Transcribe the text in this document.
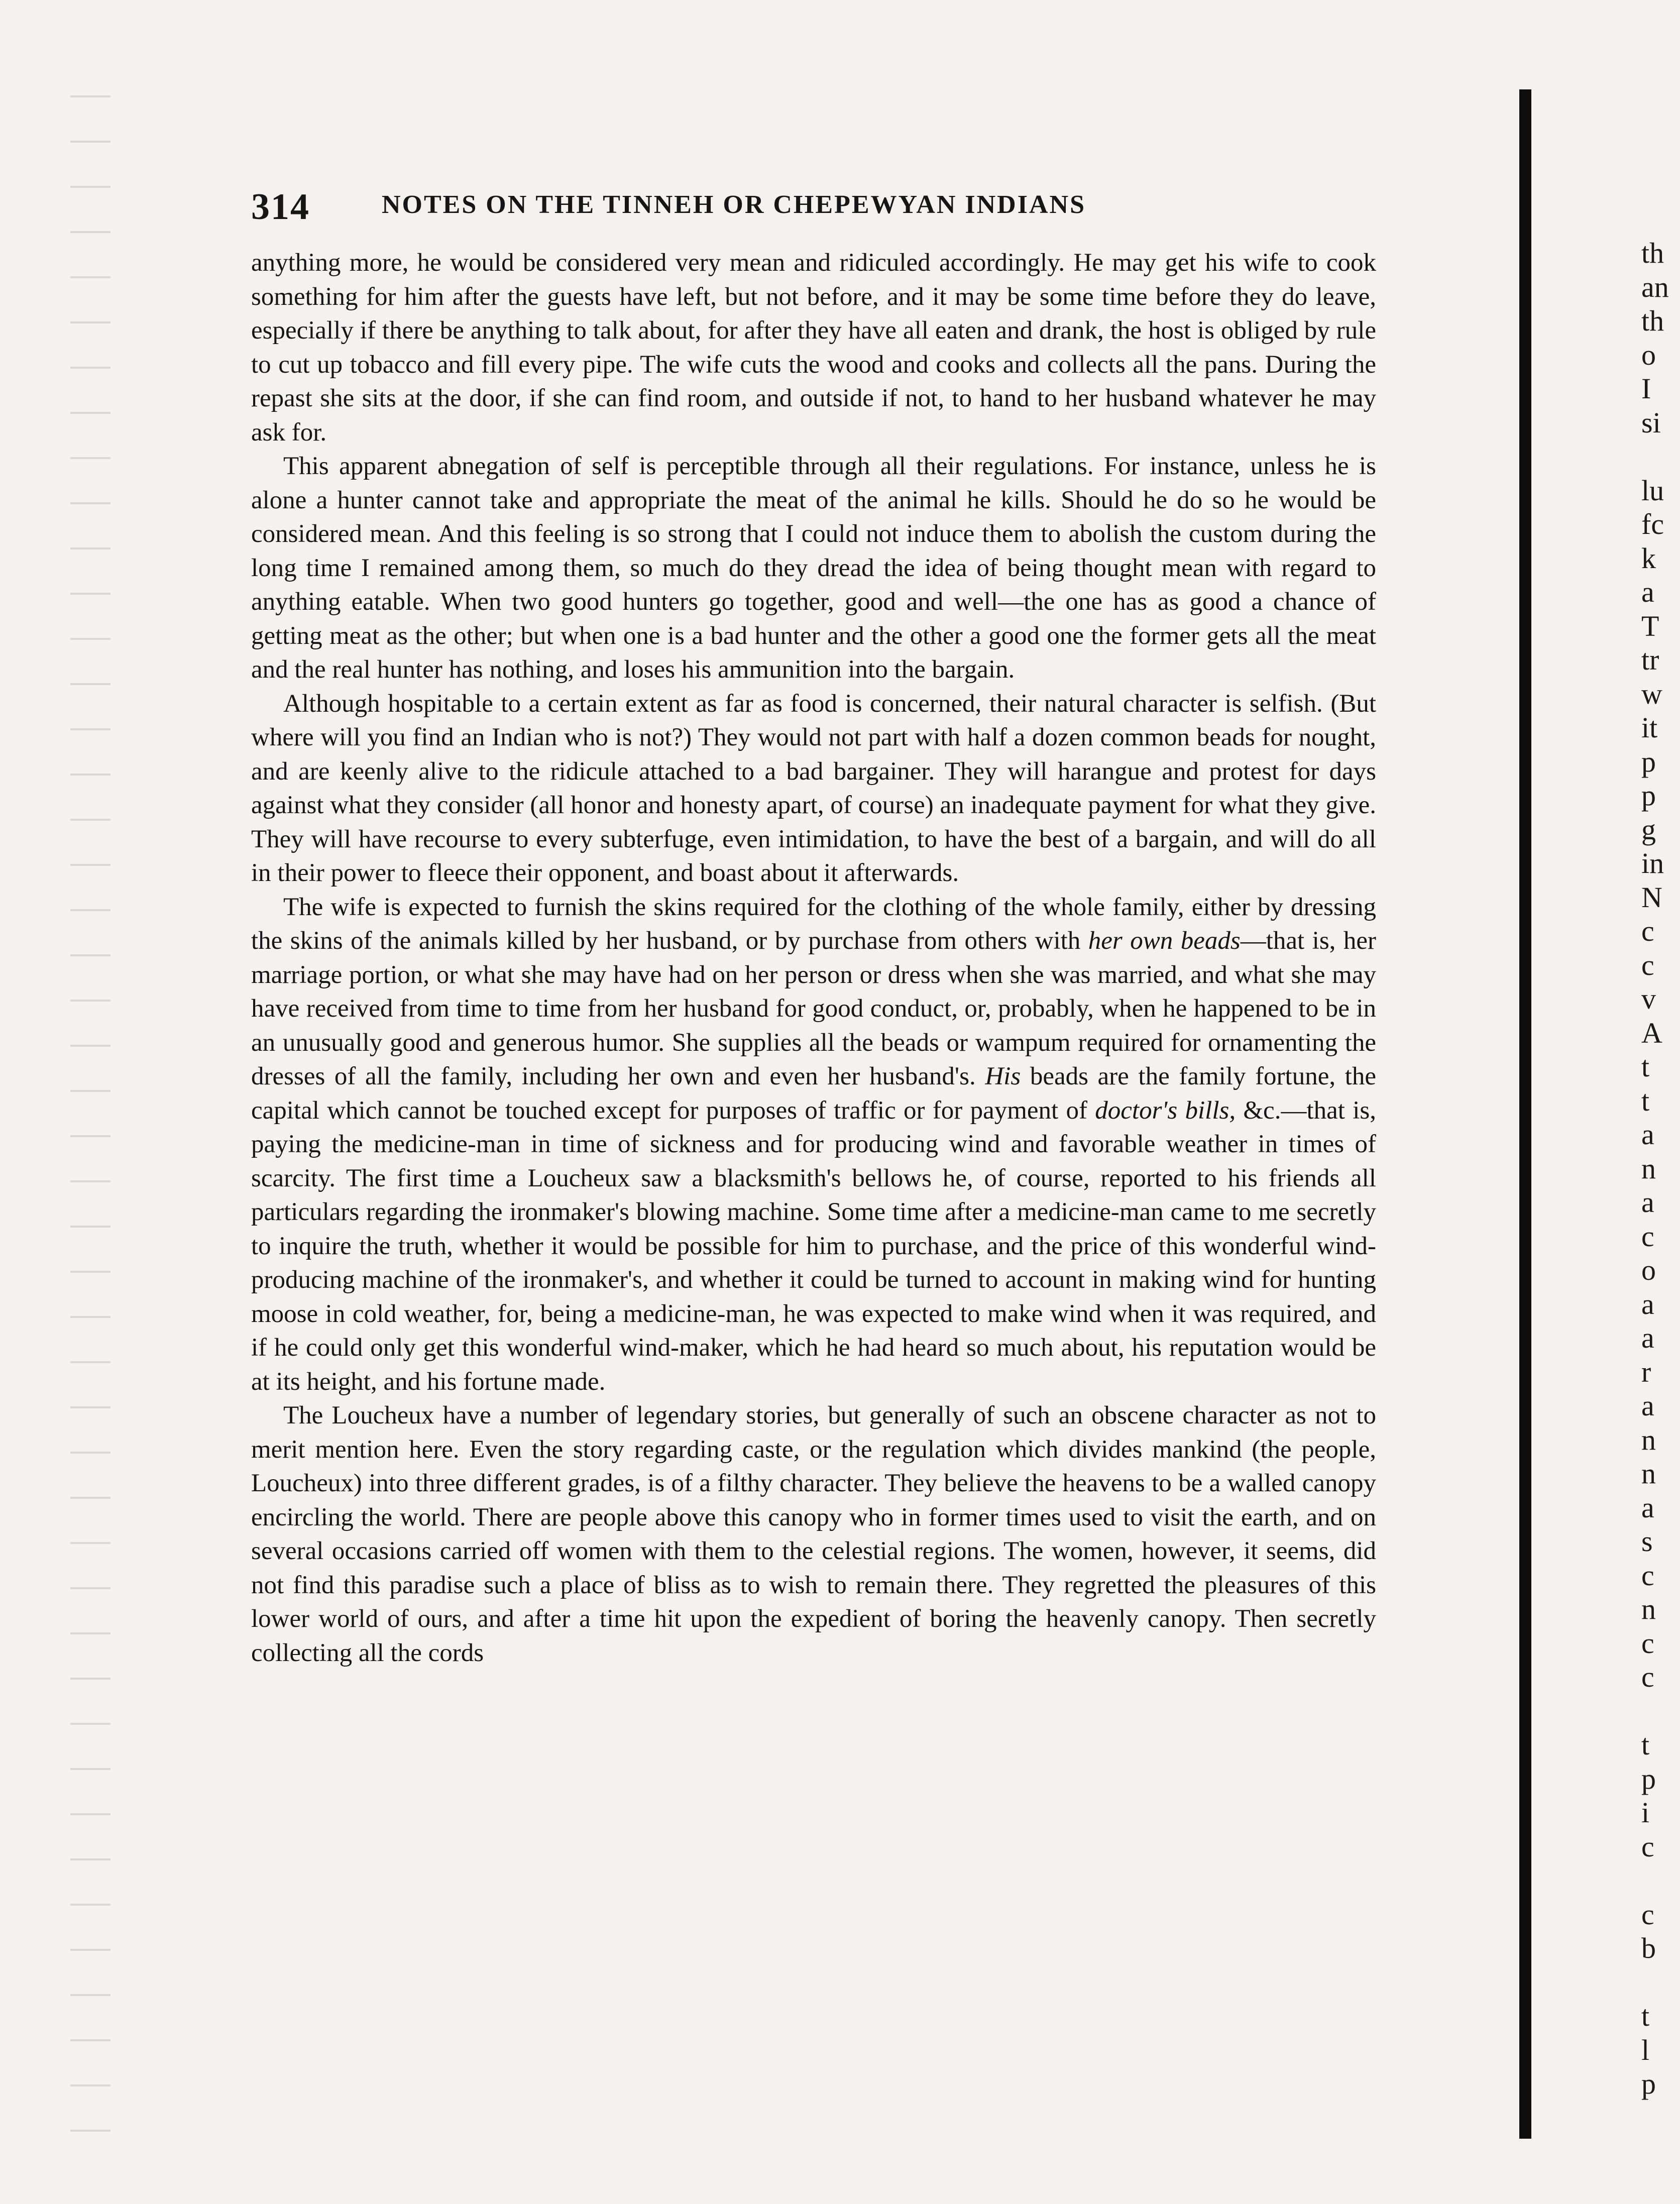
314	NOTES ON THE TINNEH OR CHEPEWYAN INDIANS

anything more, he would be considered very mean and ridiculed accordingly. He may get his wife to cook something for him after the guests have left, but not before, and it may be some time before they do leave, especially if there be anything to talk about, for after they have all eaten and drank, the host is obliged by rule to cut up tobacco and fill every pipe. The wife cuts the wood and cooks and collects all the pans. During the repast she sits at the door, if she can find room, and outside if not, to hand to her husband whatever he may ask for.

This apparent abnegation of self is perceptible through all their regulations. For instance, unless he is alone a hunter cannot take and appropriate the meat of the animal he kills. Should he do so he would be considered mean. And this feeling is so strong that I could not induce them to abolish the custom during the long time I remained among them, so much do they dread the idea of being thought mean with regard to anything eatable. When two good hunters go together, good and well—the one has as good a chance of getting meat as the other; but when one is a bad hunter and the other a good one the former gets all the meat and the real hunter has nothing, and loses his ammunition into the bargain.

Although hospitable to a certain extent as far as food is concerned, their natural character is selfish. (But where will you find an Indian who is not?) They would not part with half a dozen common beads for nought, and are keenly alive to the ridicule attached to a bad bargainer. They will harangue and protest for days against what they consider (all honor and honesty apart, of course) an inadequate payment for what they give. They will have recourse to every subterfuge, even intimidation, to have the best of a bargain, and will do all in their power to fleece their opponent, and boast about it afterwards.

The wife is expected to furnish the skins required for the clothing of the whole family, either by dressing the skins of the animals killed by her husband, or by purchase from others with her own beads—that is, her marriage portion, or what she may have had on her person or dress when she was married, and what she may have received from time to time from her husband for good conduct, or, probably, when he happened to be in an unusually good and generous humor. She supplies all the beads or wampum required for ornamenting the dresses of all the family, including her own and even her husband's. His beads are the family fortune, the capital which cannot be touched except for purposes of traffic or for payment of doctor's bills, &c.—that is, paying the medicine-man in time of sickness and for producing wind and favorable weather in times of scarcity. The first time a Loucheux saw a blacksmith's bellows he, of course, reported to his friends all particulars regarding the ironmaker's blowing machine. Some time after a medicine-man came to me secretly to inquire the truth, whether it would be possible for him to purchase, and the price of this wonderful wind-producing machine of the ironmaker's, and whether it could be turned to account in making wind for hunting moose in cold weather, for, being a medicine-man, he was expected to make wind when it was required, and if he could only get this wonderful wind-maker, which he had heard so much about, his reputation would be at its height, and his fortune made.

The Loucheux have a number of legendary stories, but generally of such an obscene character as not to merit mention here. Even the story regarding caste, or the regulation which divides mankind (the people, Loucheux) into three different grades, is of a filthy character. They believe the heavens to be a walled canopy encircling the world. There are people above this canopy who in former times used to visit the earth, and on several occasions carried off women with them to the celestial regions. The women, however, it seems, did not find this paradise such a place of bliss as to wish to remain there. They regretted the pleasures of this lower world of ours, and after a time hit upon the expedient of boring the heavenly canopy. Then secretly collecting all the cords

th
an
th
o
I
si

lu
fc
k
a
T
tr
w
it
p
p
g
in
N
c
c
v
A
t
t
a
n
a
c
o
a
a
r
a
n
n
a
s
c
n
c
c

t
p
i
c

c
b

t
l
p
